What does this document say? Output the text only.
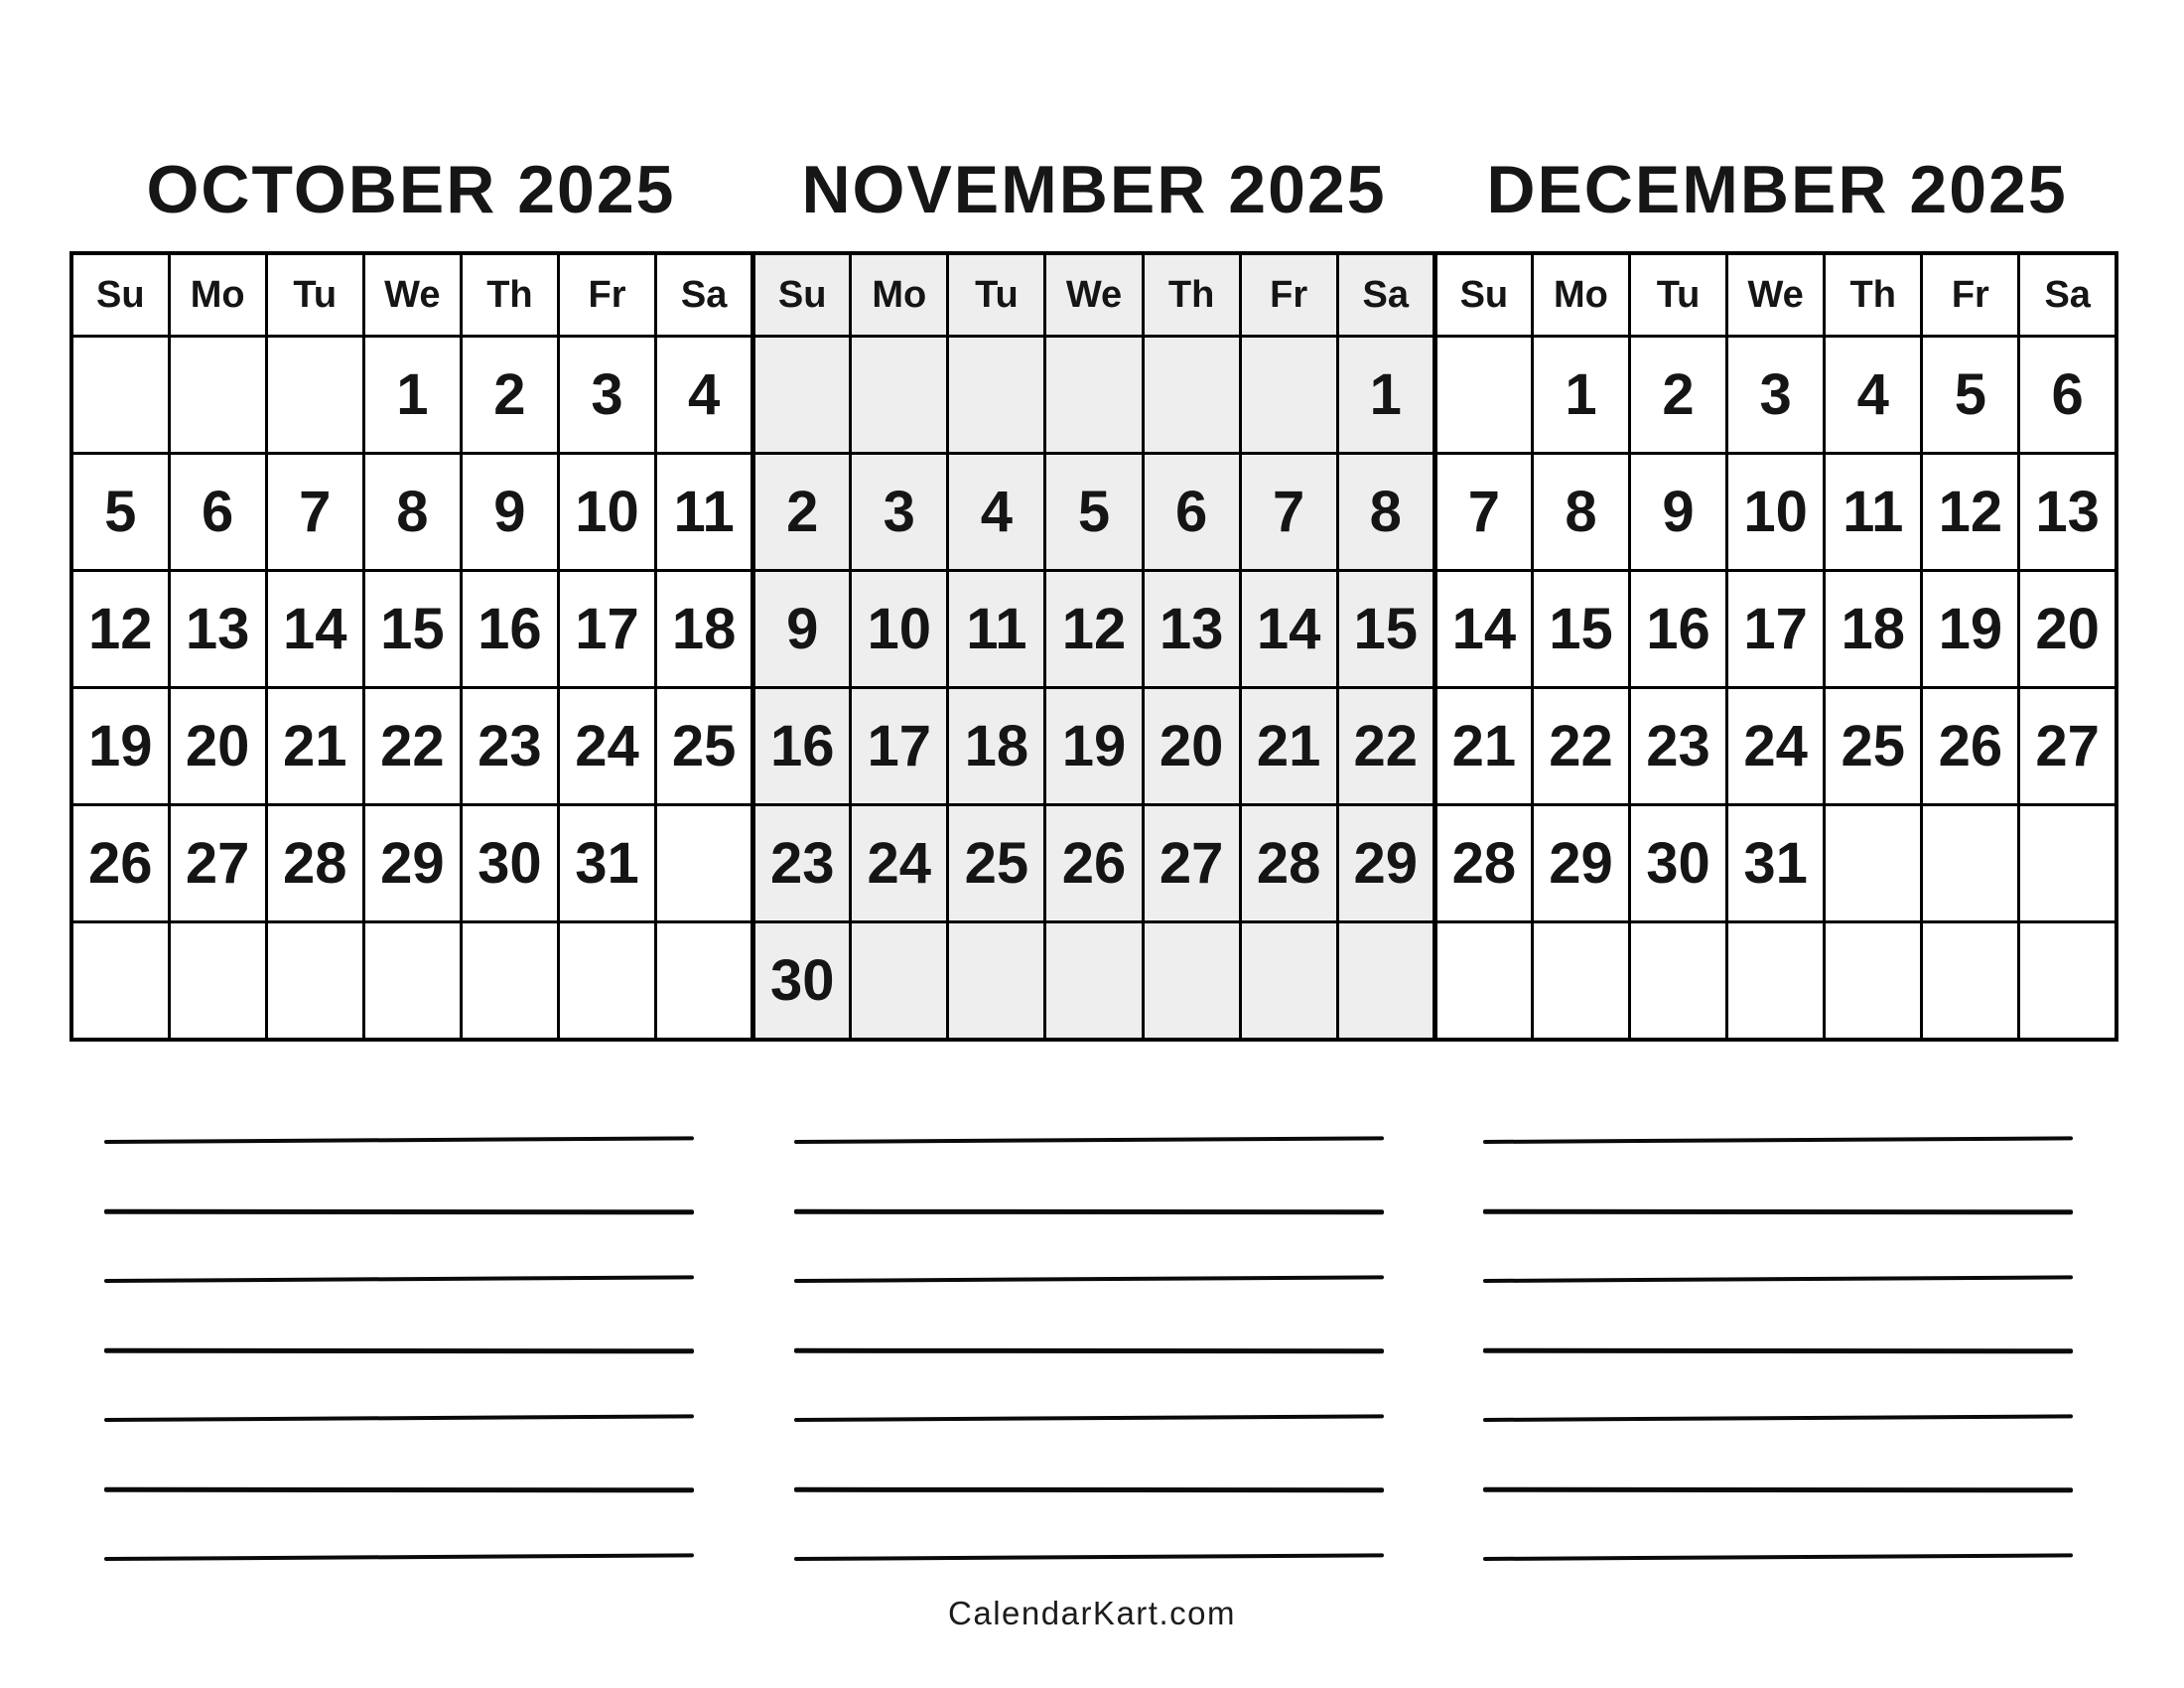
OCTOBER 2025	NOVEMBER 2025	DECEMBER 2025
Su	Mo	Tu	We	Th	Fr	Sa	Su	Mo	Tu	We	Th	Fr	Sa	Su	Mo	Tu	We	Th	Fr	Sa
			1	2	3	4							1		1	2	3	4	5	6
5	6	7	8	9	10	11	2	3	4	5	6	7	8	7	8	9	10	11	12	13
12	13	14	15	16	17	18	9	10	11	12	13	14	15	14	15	16	17	18	19	20
19	20	21	22	23	24	25	16	17	18	19	20	21	22	21	22	23	24	25	26	27
26	27	28	29	30	31		23	24	25	26	27	28	29	28	29	30	31			
							30													
CalendarKart.com
